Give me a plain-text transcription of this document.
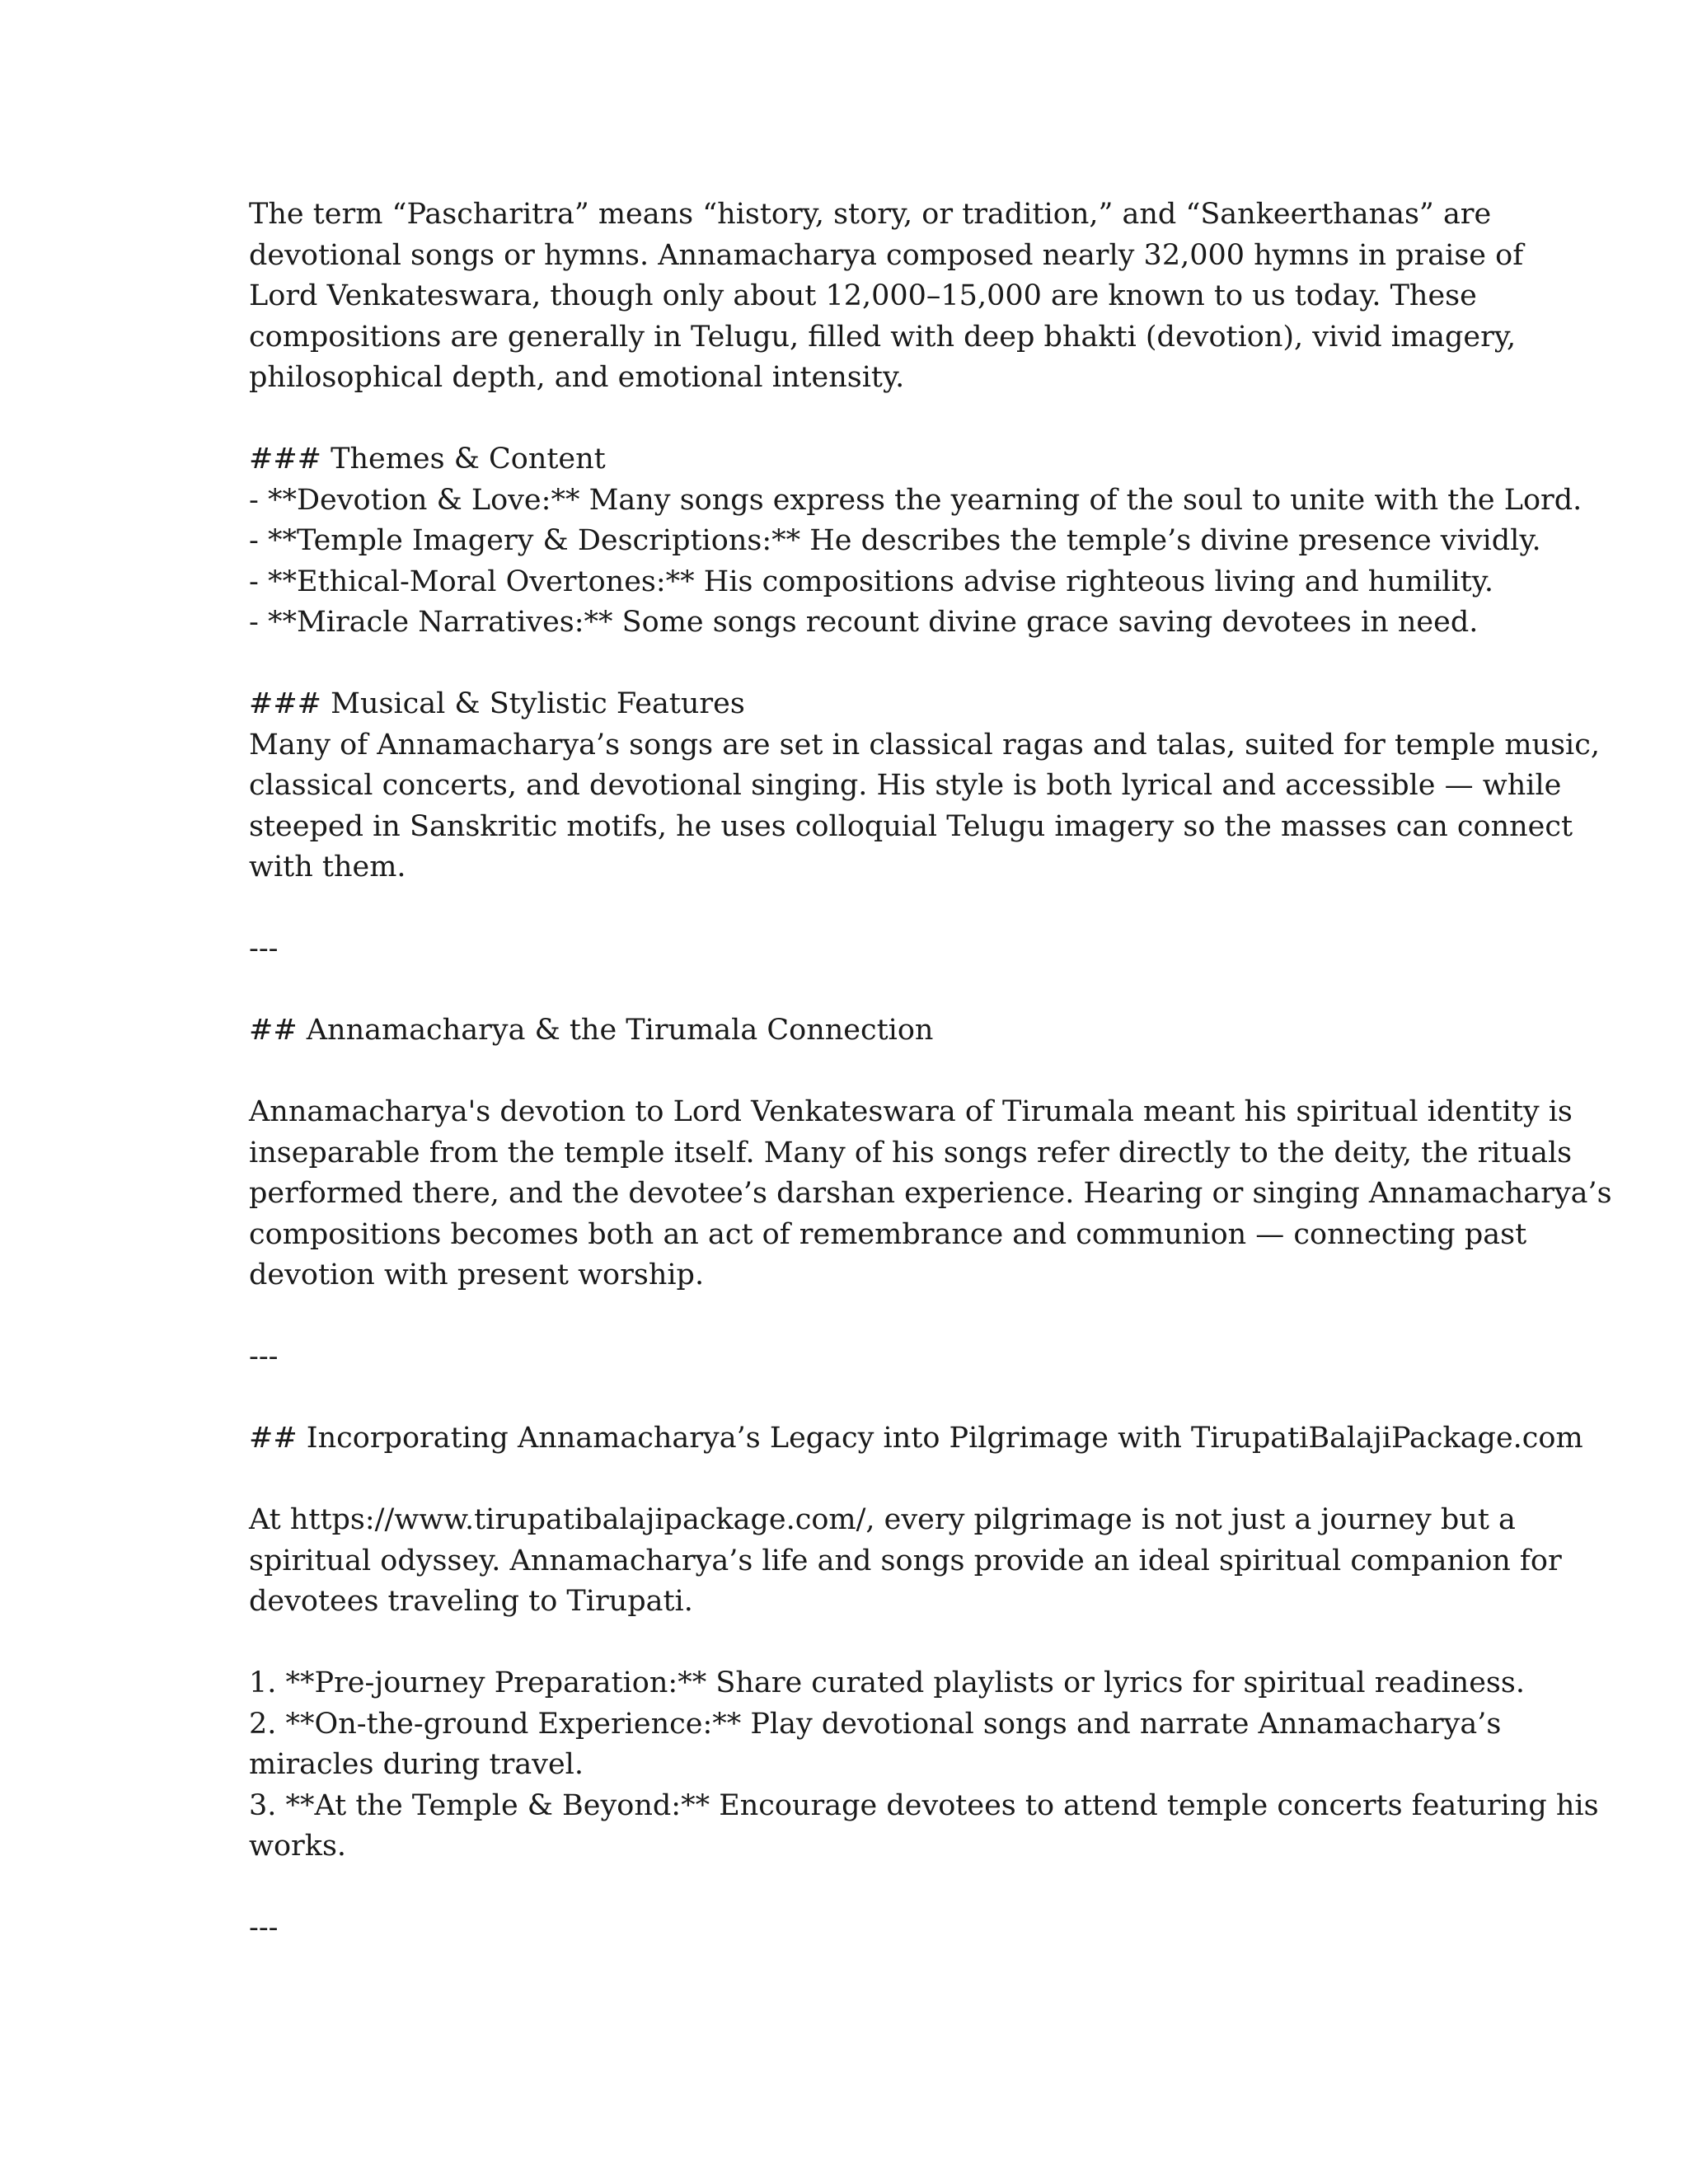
The term “Pascharitra” means “history, story, or tradition,” and “Sankeerthanas” are
devotional songs or hymns. Annamacharya composed nearly 32,000 hymns in praise of
Lord Venkateswara, though only about 12,000–15,000 are known to us today. These
compositions are generally in Telugu, filled with deep bhakti (devotion), vivid imagery,
philosophical depth, and emotional intensity.
### Themes & Content
- **Devotion & Love:** Many songs express the yearning of the soul to unite with the Lord.
- **Temple Imagery & Descriptions:** He describes the temple’s divine presence vividly.
- **Ethical-Moral Overtones:** His compositions advise righteous living and humility.
- **Miracle Narratives:** Some songs recount divine grace saving devotees in need.
### Musical & Stylistic Features
Many of Annamacharya’s songs are set in classical ragas and talas, suited for temple music,
classical concerts, and devotional singing. His style is both lyrical and accessible — while
steeped in Sanskritic motifs, he uses colloquial Telugu imagery so the masses can connect
with them.
---
## Annamacharya & the Tirumala Connection
Annamacharya's devotion to Lord Venkateswara of Tirumala meant his spiritual identity is
inseparable from the temple itself. Many of his songs refer directly to the deity, the rituals
performed there, and the devotee’s darshan experience. Hearing or singing Annamacharya’s
compositions becomes both an act of remembrance and communion — connecting past
devotion with present worship.
---
## Incorporating Annamacharya’s Legacy into Pilgrimage with TirupatiBalajiPackage.com
At https://www.tirupatibalajipackage.com/, every pilgrimage is not just a journey but a
spiritual odyssey. Annamacharya’s life and songs provide an ideal spiritual companion for
devotees traveling to Tirupati.
1. **Pre-journey Preparation:** Share curated playlists or lyrics for spiritual readiness.
2. **On-the-ground Experience:** Play devotional songs and narrate Annamacharya’s
miracles during travel.
3. **At the Temple & Beyond:** Encourage devotees to attend temple concerts featuring his
works.
---
